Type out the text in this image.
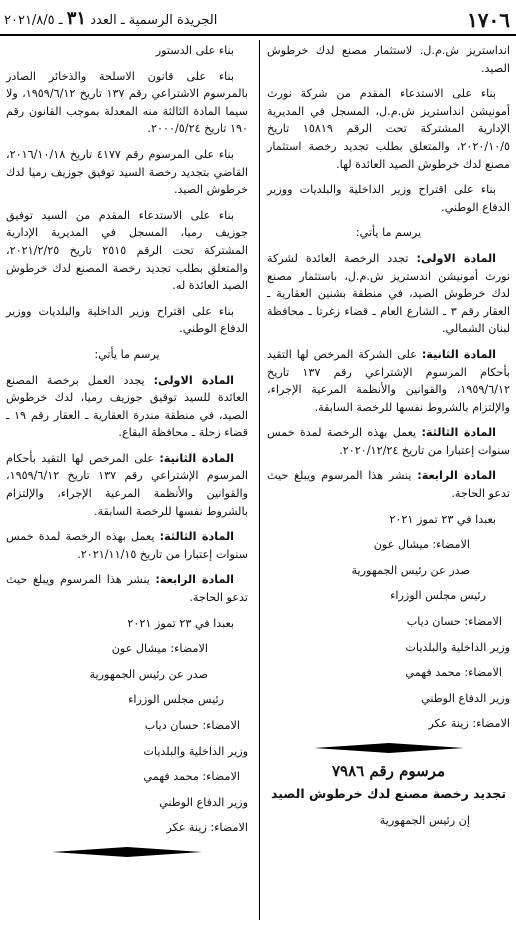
١٧٠٦
الجريدة الرسمية ـ العدد ٣١ ـ ٢٠٢١/٨/٥

انداستريز ش.م.ل. لاستثمار مصنع لدك خرطوش الصيد.

بناء على الاستدعاء المقدم من شركة نورث أمونيشن انداستريز ش.م.ل، المسجل في المديرية الإدارية المشتركة تحت الرقم ١٥٨١٩ تاريخ ٢٠٢٠/١٠/٥، والمتعلق بطلب تجديد رخصة استثمار مصنع لدك خرطوش الصيد العائدة لها.

بناء على اقتراح وزير الداخلية والبلديات ووزير الدفاع الوطني.

يرسم ما يأتي:

المادة الاولى: تجدد الرخصة العائدة لشركة نورث أمونيشن اندستريز ش.م.ل، باستثمار مصنع لدك خرطوش الصيد، في منطقة بشنين العقارية ـ العقار رقم ٣ ـ الشارع العام ـ قضاء زغرتا ـ محافظة لبنان الشمالي.

المادة الثانية: على الشركة المرخص لها التقيد بأحكام المرسوم الإشتراعي رقم ١٣٧ تاريخ ١٩٥٩/٦/١٢، والقوانين والأنظمة المرعية الإجراء، والإلتزام بالشروط نفسها للرخصة السابقة.

المادة الثالثة: يعمل بهذه الرخصة لمدة خمس سنوات إعتبارا من تاريخ ٢٠٢٠/١٢/٢٤.

المادة الرابعة: ينشر هذا المرسوم ويبلغ حيث تدعو الحاجة.

بعبدا في ٢٣ تموز ٢٠٢١

الامضاء: ميشال عون

صدر عن رئيس الجمهورية

رئيس مجلس الوزراء

الامضاء: حسان دياب

وزير الداخلية والبلديات

الامضاء: محمد فهمي

وزير الدفاع الوطني

الامضاء: زينة عكر

مرسوم رقم ٧٩٨٦
تجديد رخصة مصنع لدك خرطوش الصيد

إن رئيس الجمهورية

بناء على الدستور

بناء على قانون الاسلحة والذخائر الصادر بالمرسوم الاشتراعي رقم ١٣٧ تاريخ ١٩٥٩/٦/١٢، ولا سيما المادة الثالثة منه المعدلة بموجب القانون رقم ١٩٠ تاريخ ٢٠٠٠/٥/٢٤.

بناء على المرسوم رقم ٤١٧٧ تاريخ ٢٠١٦/١٠/١٨، القاضي بتجديد رخصة السيد توفيق جوزيف رميا لدك خرطوش الصيد.

بناء على الاستدعاء المقدم من السيد توفيق جوزيف رميا، المسجل في المديرية الإدارية المشتركة تحت الرقم ٢٥١٥ تاريخ ٢٠٢١/٢/٢٥، والمتعلق بطلب تجديد رخصة المصنع لدك خرطوش الصيد العائدة له.

بناء على اقتراح وزير الداخلية والبلديات ووزير الدفاع الوطني.

يرسم ما يأتي:

المادة الاولى: يجدد العمل برخصة المصنع العائدة للسيد توفيق جوزيف رميا، لدك خرطوش الصيد، في منطقة مندرة العقارية ـ العقار رقم ١٩ ـ قضاء زحلة ـ محافظة البقاع.

المادة الثانية: على المرخص لها التقيد بأحكام المرسوم الإشتراعي رقم ١٣٧ تاريخ ١٩٥٩/٦/١٢، والقوانين والأنظمة المرعية الإجراء، والإلتزام بالشروط نفسها للرخصة السابقة.

المادة الثالثة: يعمل بهذه الرخصة لمدة خمس سنوات إعتبارا من تاريخ ٢٠٢١/١١/١٥.

المادة الرابعة: ينشر هذا المرسوم ويبلغ حيث تدعو الحاجة.

بعبدا في ٢٣ تموز ٢٠٢١

الامضاء: ميشال عون

صدر عن رئيس الجمهورية

رئيس مجلس الوزراء

الامضاء: حسان دياب

وزير الداخلية والبلديات

الامضاء: محمد فهمي

وزير الدفاع الوطني

الامضاء: زينة عكر
